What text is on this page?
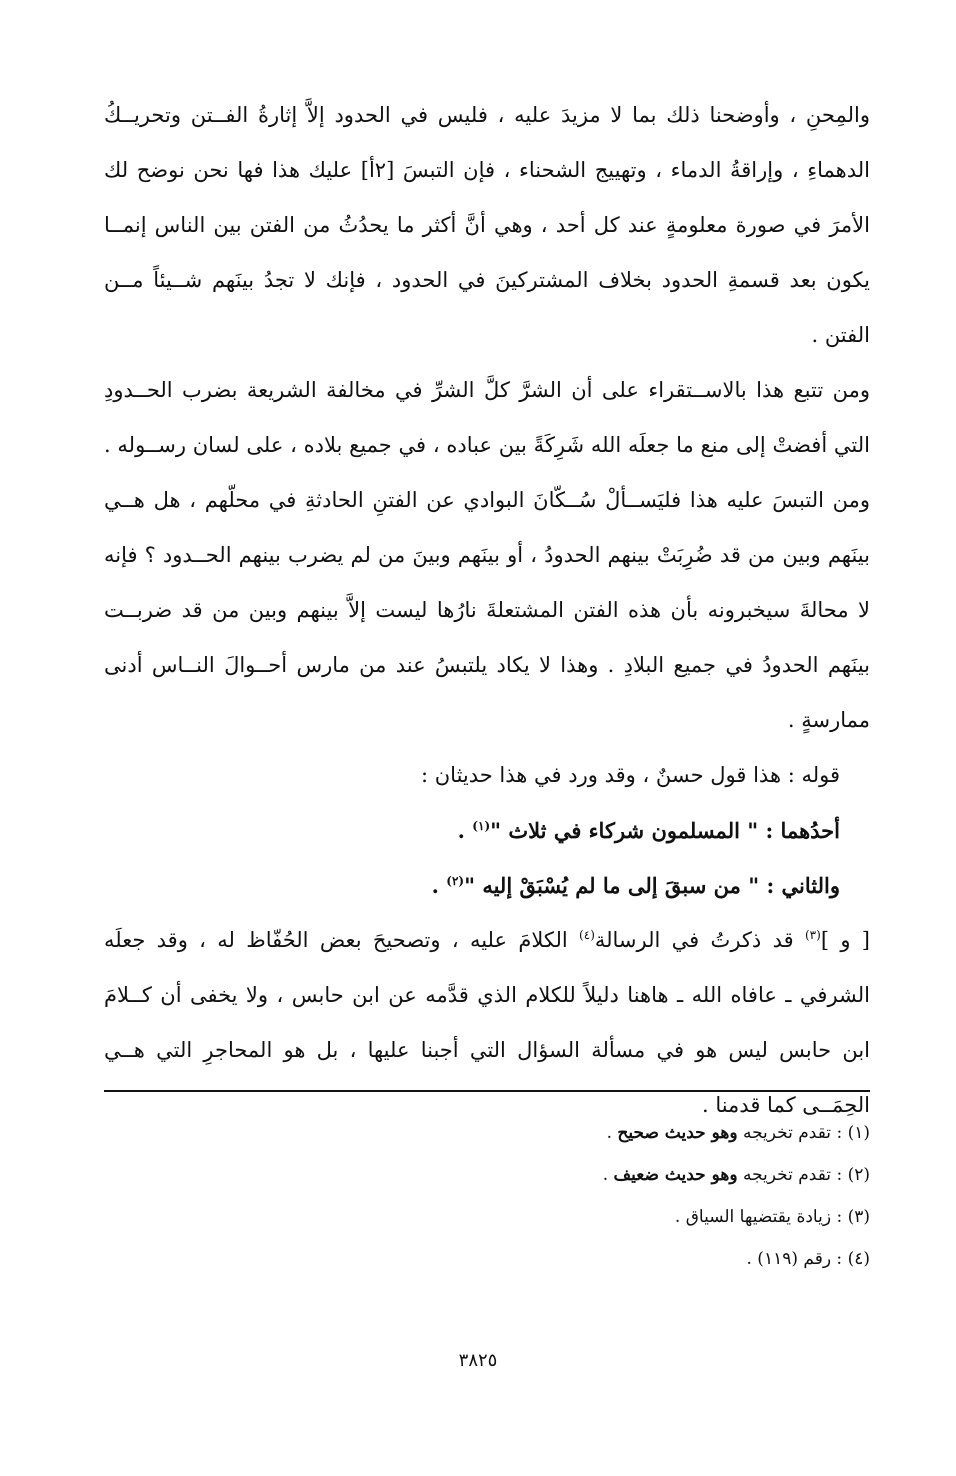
والمِحنِ ، وأوضحنا ذلك بما لا مزيدَ عليه ، فليس في الحدود إلاَّ إثارةُ الفــتن وتحريــكُ الدهماءِ ، وإراقةُ الدماء ، وتهييج الشحناء ، فإن التبسَ [٢أ] عليك هذا فها نحن نوضح لك الأمرَ في صورة معلومةٍ عند كل أحد ، وهي أنَّ أكثر ما يحدُثُ من الفتن بين الناس إنمــا يكون بعد قسمةِ الحدود بخلاف المشتركينَ في الحدود ، فإنك لا تجدُ بينَهم شــيئاً مــن الفتن .

ومن تتبع هذا بالاســتقراء على أن الشرَّ كلَّ الشرِّ في مخالفة الشريعة بضرب الحــدودِ التي أفضتْ إلى منع ما جعلَه الله شَرِكَةً بين عباده ، في جميع بلاده ، على لسان رســوله . ومن التبسَ عليه هذا فليَســألْ سُــكّانَ البوادي عن الفتنِ الحادثةِ في محلّهم ، هل هــي بينَهم وبين من قد ضُرِبَتْ بينهم الحدودُ ، أو بينَهم وبينَ من لم يضرب بينهم الحــدود ؟ فإنه لا محالةَ سيخبرونه بأن هذه الفتن المشتعلةَ نارُها ليست إلاَّ بينهم وبين من قد ضربــت بينَهم الحدودُ في جميع البلادِ . وهذا لا يكاد يلتبسُ عند من مارس أحــوالَ النــاس أدنى ممارسةٍ .

قوله : هذا قول حسنٌ ، وقد ورد في هذا حديثان :

أحدُهما : " المسلمون شركاء في ثلاث "$^{(١)}$ .

والثاني : " من سبقَ إلى ما لم يُسْبَقْ إليه "$^{(٢)}$ .

[ و ]$^{(٣)}$ قد ذكرتُ في الرسالة$^{(٤)}$ الكلامَ عليه ، وتصحيحَ بعض الحُفّاظ له ، وقد جعلَه الشرفي ـ عافاه الله ـ هاهنا دليلاً للكلام الذي قدَّمه عن ابن حابس ، ولا يخفى أن كــلامَ ابن حابس ليس هو في مسألة السؤال التي أجبنا عليها ، بل هو المحاجرِ التي هــي الحِمَــى كما قدمنا .

(١) : تقدم تخريجه وهو حديث صحيح .

(٢) : تقدم تخريجه وهو حديث ضعيف .

(٣) : زيادة يقتضيها السياق .

(٤) : رقم (١١٩) .

٣٨٢٥
